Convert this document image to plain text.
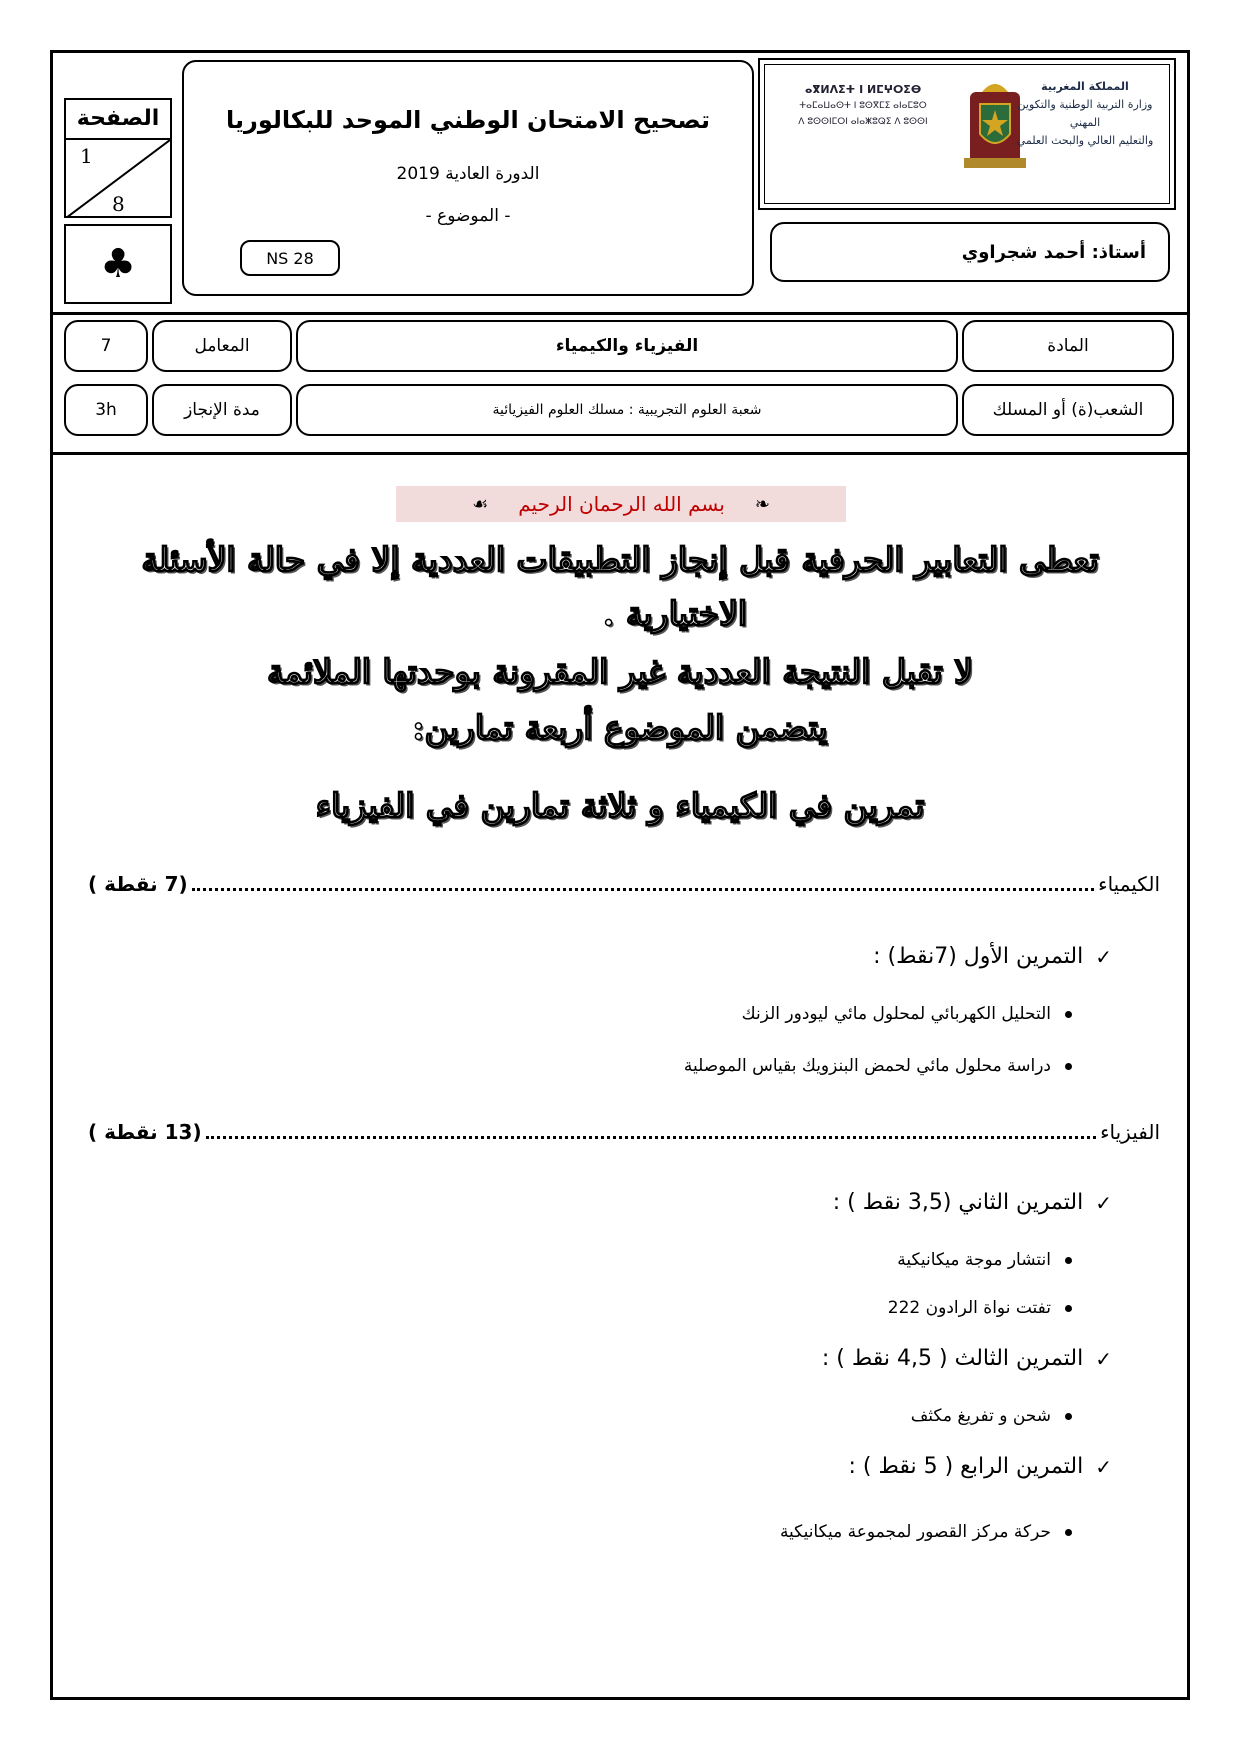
الصفحة
1
8
♣
تصحيح الامتحان الوطني الموحد للبكالوريا
الدورة العادية 2019
- الموضوع -
NS 28
ⴰⴳⵍⴷⵉⵜ ⵏ ⵍⵎⵖⵔⵉⴱ
ⵜⴰⵎⴰⵡⴰⵙⵜ ⵏ ⵓⵙⴳⵎⵉ ⴰⵏⴰⵎⵓⵔ
ⴷ ⵓⵙⵙⵏⵎⵔⵏ ⴰⵏⴰⵥⵓⵕⵉ ⴷ ⵓⵙⵙⵏ
المملكة المغربية
وزارة التربية الوطنية والتكوين المهني
والتعليم العالي والبحث العلمي
أستاذ: أحمد شجراوي
7	المعامل	الفيزياء والكيمياء	المادة
3h	مدة الإنجاز	شعبة العلوم التجريبية : مسلك العلوم الفيزيائية	الشعب(ة) أو المسلك
❧
بسم الله الرحمان الرحيم
☙
تعطى التعابير الحرفية قبل إنجاز التطبيقات العددية إلا في حالة الأسئلة
الاختيارية .
لا تقبل النتيجة العددية غير المقرونة بوحدتها الملائمة
يتضمن الموضوع أربعة تمارين:
تمرين في الكيمياء و ثلاثة تمارين في الفيزياء
الكيمياء
(7 نقطة )
✓
التمرين الأول (7نقط) :
التحليل الكهربائي لمحلول مائي ليودور الزنك
دراسة محلول مائي لحمض البنزويك بقياس الموصلية
الفيزياء
(13 نقطة )
✓
التمرين الثاني (3,5 نقط ) :
انتشار موجة ميكانيكية
تفتت نواة الرادون 222
✓
التمرين الثالث ( 4,5 نقط ) :
شحن و تفريغ مكثف
✓
التمرين الرابع ( 5 نقط ) :
حركة مركز القصور لمجموعة ميكانيكية
